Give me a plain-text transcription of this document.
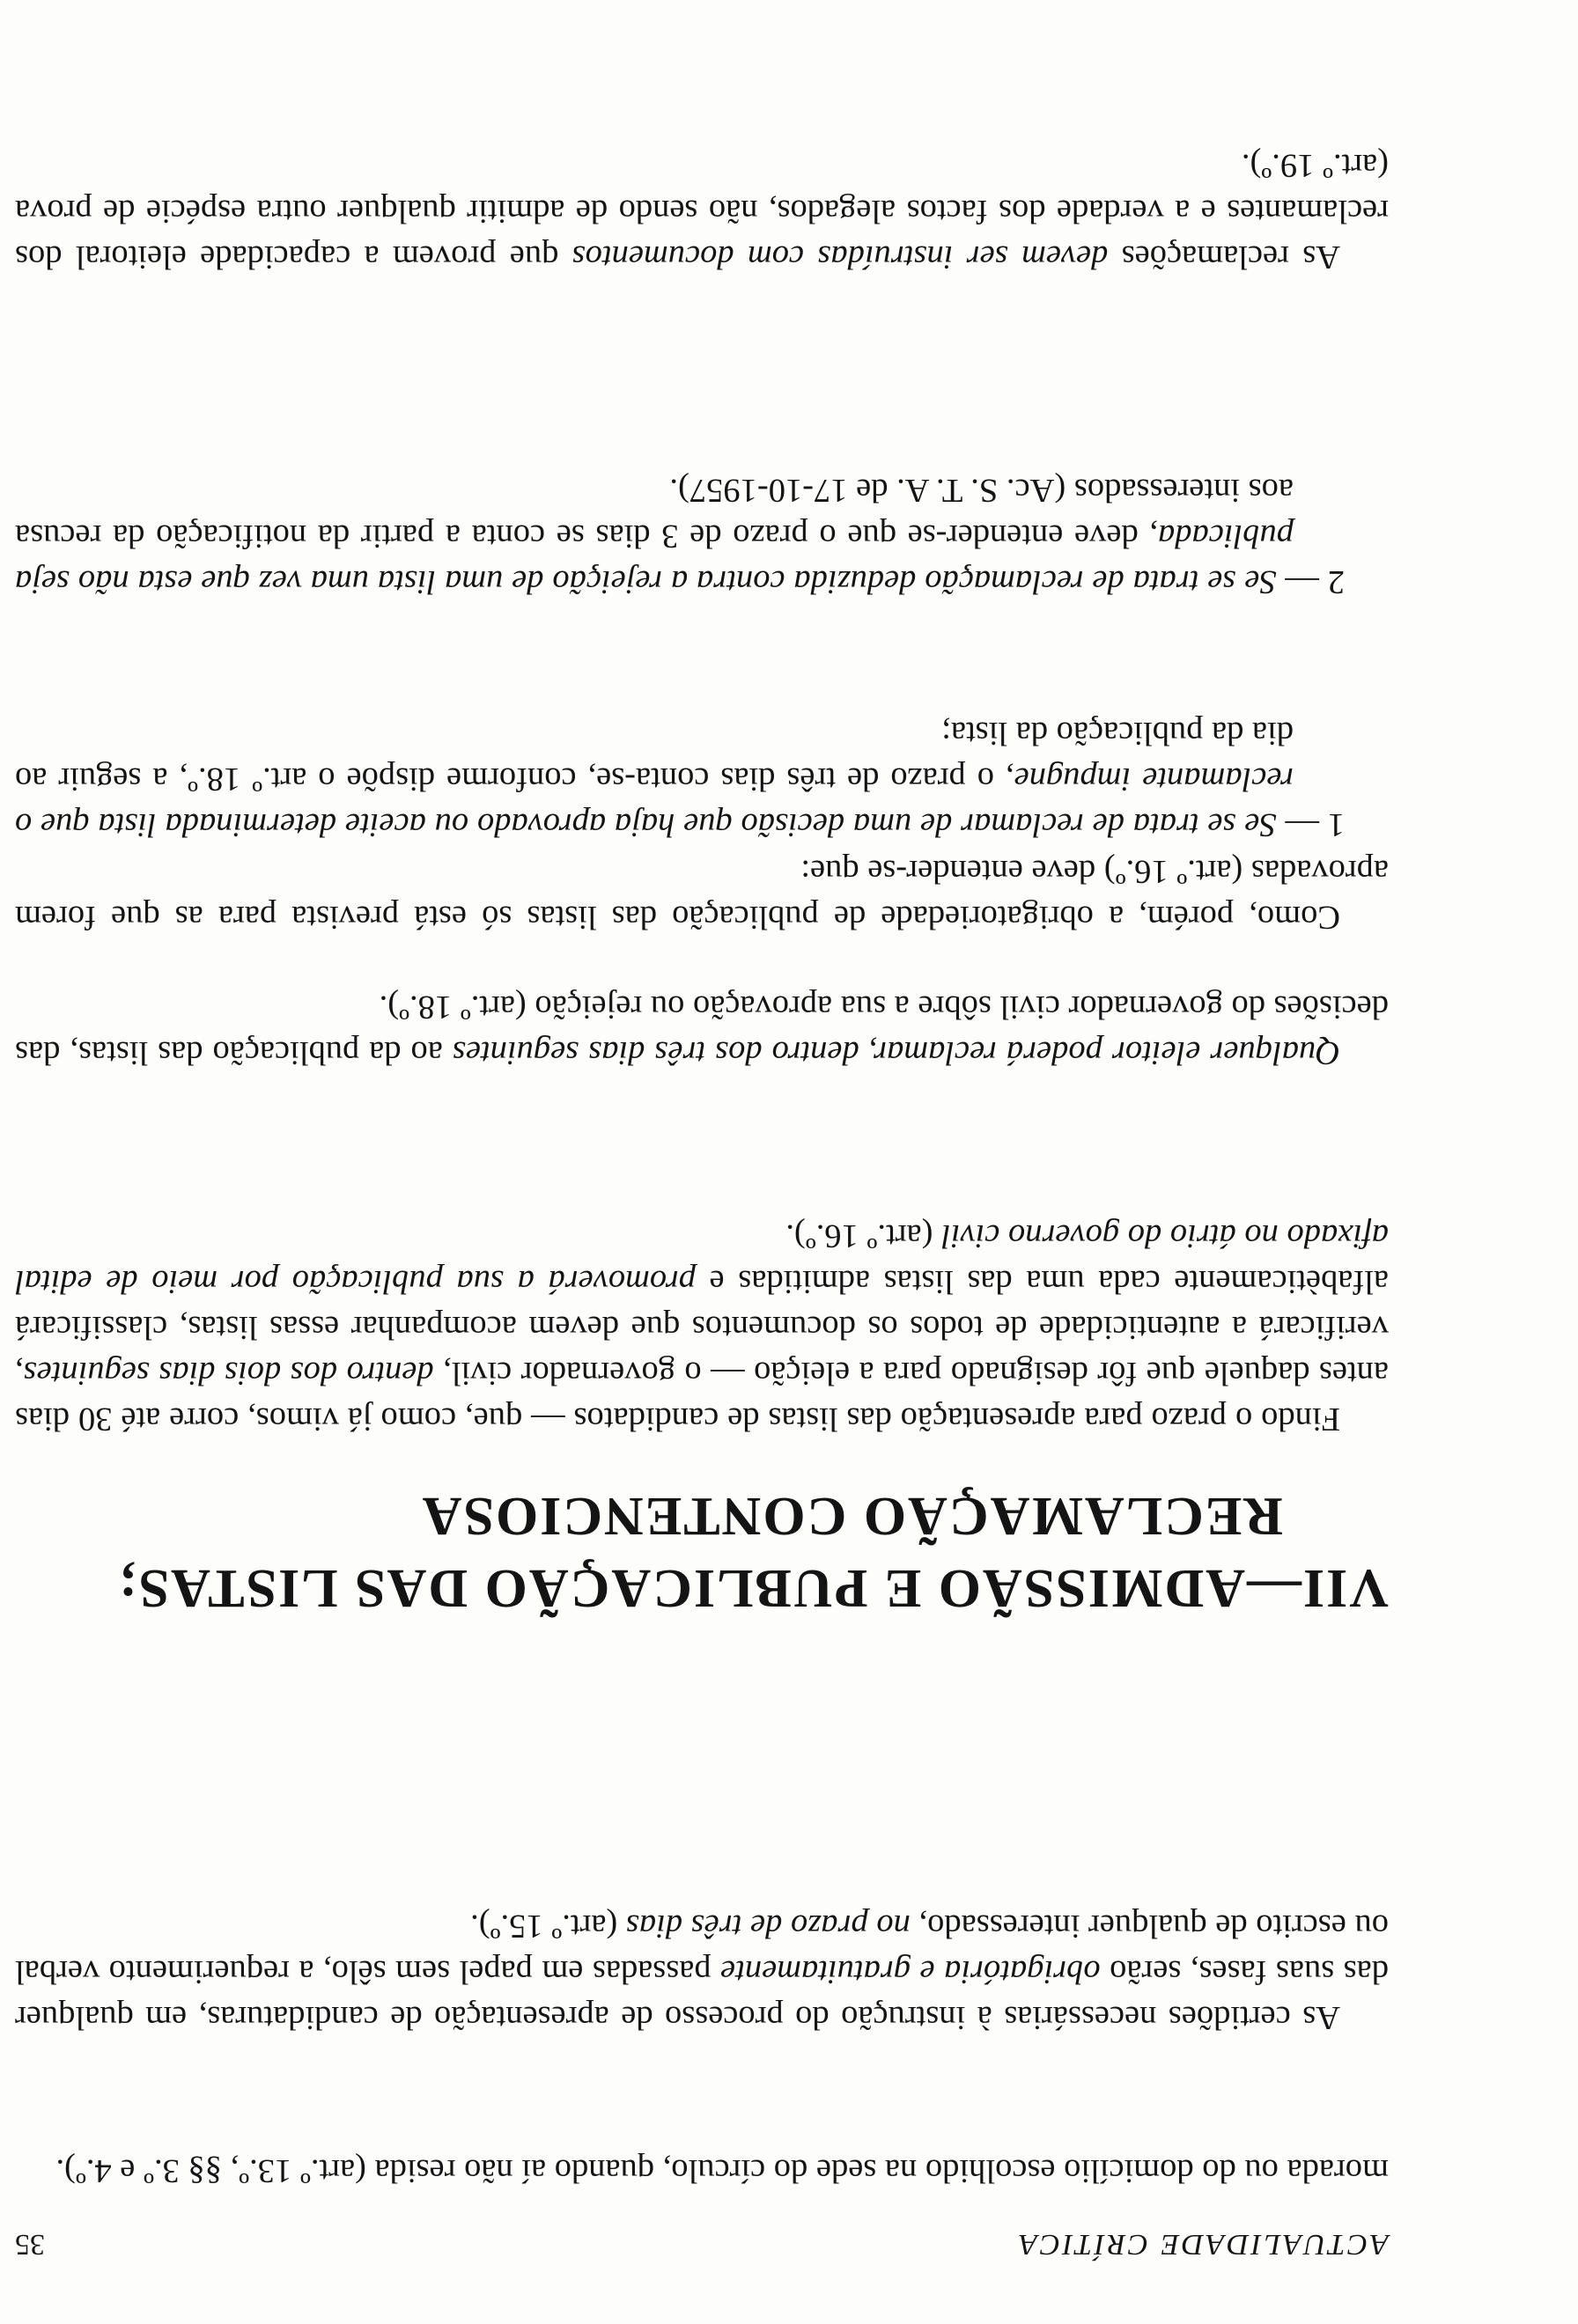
ACTUALIDADE CRÍTICA
35

morada ou do domicílio escolhido na sede do círculo, quando aí não resida (art.º 13.º, §§ 3.º e 4.º).

As certidões necessárias à instrução do processo de apresentação de candidaturas, em qualquer das suas fases, serão obrigatória e gratuitamente passadas em papel sem sêlo, a requerimento verbal ou escrito de qualquer interessado, no prazo de três dias (art.º 15.º).

VII—ADMISSÃO E PUBLICAÇÃO DAS LISTAS;
RECLAMAÇÃO CONTENCIOSA

Findo o prazo para apresentação das listas de candidatos — que, como já vimos, corre até 30 dias antes daquele que fôr designado para a eleição — o governador civil, dentro dos dois dias seguintes, verificará a autenticidade de todos os documentos que devem acompanhar essas listas, classificará alfabèticamente cada uma das listas admitidas e promoverá a sua publicação por meio de edital afixado no átrio do governo civil (art.º 16.º).

Qualquer eleitor poderá reclamar, dentro dos três dias seguintes ao da publicação das listas, das decisões do governador civil sôbre a sua aprovação ou rejeição (art.º 18.º).

Como, porém, a obrigatoriedade de publicação das listas só está prevista para as que forem aprovadas (art.º 16.º) deve entender-se que:

1 — Se se trata de reclamar de uma decisão que haja aprovado ou aceite determinada lista que o reclamante impugne, o prazo de três dias conta-se, conforme dispõe o art.º 18.º, a seguir ao dia da publicação da lista;

2 — Se se trata de reclamação deduzida contra a rejeição de uma lista uma vez que esta não seja publicada, deve entender-se que o prazo de 3 dias se conta a partir da notificação da recusa aos interessados (Ac. S. T. A. de 17-10-1957).

As reclamações devem ser instruídas com documentos que provem a capacidade eleitoral dos reclamantes e a verdade dos factos alegados, não sendo de admitir qualquer outra espécie de prova (art.º 19.º).
